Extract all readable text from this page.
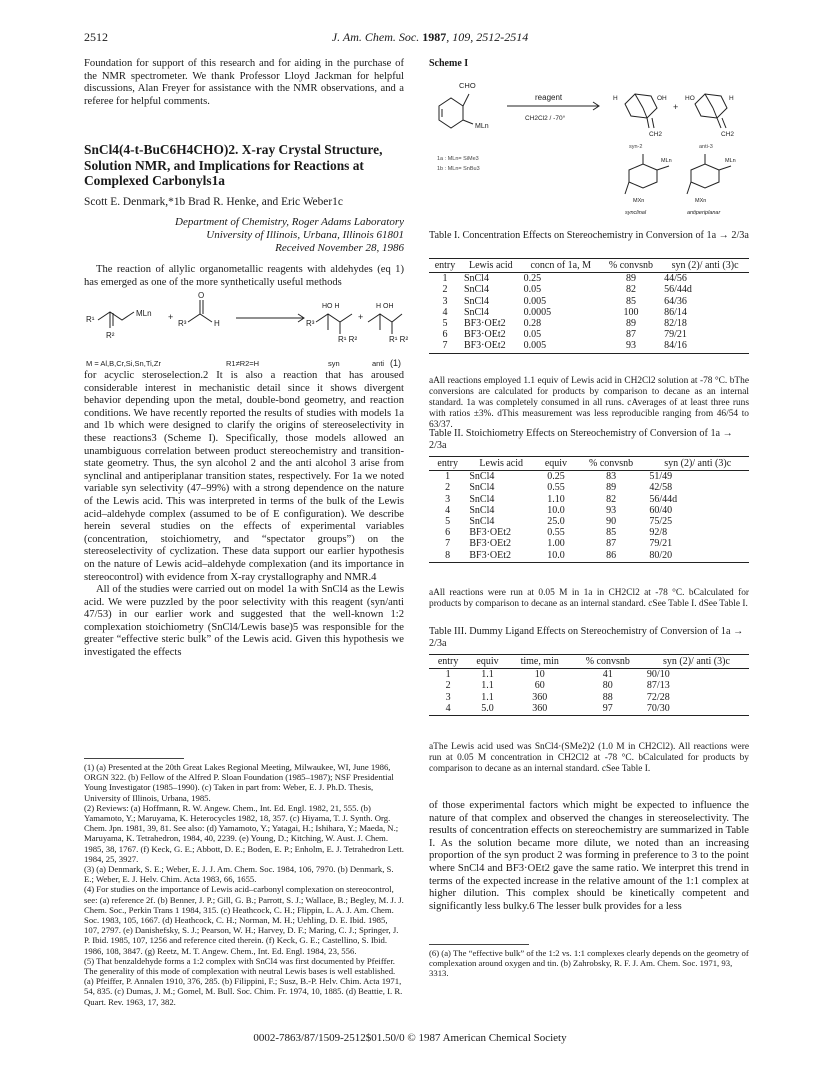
2512	J. Am. Chem. Soc. 1987, 109, 2512-2514

Foundation for support of this research and for aiding in the purchase of the NMR spectrometer. We thank Professor Lloyd Jackman for helpful discussions, Alan Freyer for assistance with the NMR observations, and a referee for helpful comments.

SnCl4(4-t-BuC6H4CHO)2. X-ray Crystal Structure, Solution NMR, and Implications for Reactions at Complexed Carbonyls1a
Scott E. Denmark,*1b Brad R. Henke, and Eric Weber1c
Department of Chemistry, Roger Adams Laboratory
University of Illinois, Urbana, Illinois 61801
Received November 28, 1986

The reaction of allylic organometallic reagents with aldehydes (eq 1) has emerged as one of the more synthetically useful methods

R¹
MLn
R²
+
R³
O
H
HO H
R³
R¹ R²
+
H OH
R¹ R²
M = Al,B,Cr,Si,Sn,Ti,Zr	R1≠R2=H	syn	anti (1)

for acyclic steroselection.2 It is also a reaction that has aroused considerable interest in mechanistic detail since it shows divergent behavior depending upon the metal, double-bond geometry, and reaction conditions. We have recently reported the results of studies with models 1a and 1b which were designed to clarify the origins of stereoselectivity in these reactions3 (Scheme I). Specifically, those models allowed an unambiguous correlation between product stereochemistry and transition-state geometry. Thus, the syn alcohol 2 and the anti alcohol 3 arise from synclinal and antiperiplanar transition states, respectively. For 1a we noted variable syn selectivity (47–99%) with a strong dependence on the nature of the Lewis acid. This was interpreted in terms of the bulk of the Lewis acid–aldehyde complex (assumed to be of E configuration). We describe herein several studies on the effects of experimental variables (concentration, stoichiometry, and “spectator groups”) on the stereoselectivity of cyclization. These data support our earlier hypothesis on the nature of Lewis acid–aldehyde complexation (and its importance in stereocontrol) with evidence from X-ray crystallography and NMR.4

All of the studies were carried out on model 1a with SnCl4 as the Lewis acid. We were puzzled by the poor selectivity with this reagent (syn/anti 47/53) in our earlier work and suggested that the well-known 1:2 complexation stoichiometry (SnCl4/Lewis base)5 was responsible for the greater “effective steric bulk” of the Lewis acid. Given this hypothesis we investigated the effects

(1) (a) Presented at the 20th Great Lakes Regional Meeting, Milwaukee, WI, June 1986, ORGN 322. (b) Fellow of the Alfred P. Sloan Foundation (1985–1987); NSF Presidential Young Investigator (1985–1990). (c) Taken in part from: Weber, E. J. Ph.D. Thesis, University of Illinois, Urbana, 1985.

(2) Reviews: (a) Hoffmann, R. W. Angew. Chem., Int. Ed. Engl. 1982, 21, 555. (b) Yamamoto, Y.; Maruyama, K. Heterocycles 1982, 18, 357. (c) Hiyama, T. J. Synth. Org. Chem. Jpn. 1981, 39, 81. See also: (d) Yamamoto, Y.; Yatagai, H.; Ishihara, Y.; Maeda, N.; Maruyama, K. Tetrahedron, 1984, 40, 2239. (e) Young, D.; Kitching, W. Aust. J. Chem. 1985, 38, 1767. (f) Keck, G. E.; Abbott, D. E.; Boden, E. P.; Enholm, E. J. Tetrahedron Lett. 1984, 25, 3927.

(3) (a) Denmark, S. E.; Weber, E. J. J. Am. Chem. Soc. 1984, 106, 7970. (b) Denmark, S. E.; Weber, E. J. Helv. Chim. Acta 1983, 66, 1655.

(4) For studies on the importance of Lewis acid–carbonyl complexation on stereocontrol, see: (a) reference 2f. (b) Benner, J. P.; Gill, G. B.; Parrott, S. J.; Wallace, B.; Begley, M. J. J. Chem. Soc., Perkin Trans 1 1984, 315. (c) Heathcock, C. H.; Flippin, L. A. J. Am. Chem. Soc. 1983, 105, 1667. (d) Heathcock, C. H.; Norman, M. H.; Uehling, D. E. Ibid. 1985, 107, 2797. (e) Danishefsky, S. J.; Pearson, W. H.; Harvey, D. F.; Maring, C. J.; Springer, J. P. Ibid. 1985, 107, 1256 and reference cited therein. (f) Keck, G. E.; Castellino, S. Ibid. 1986, 108, 3847. (g) Reetz, M. T. Angew. Chem., Int. Ed. Engl. 1984, 23, 556.

(5) That benzaldehyde forms a 1:2 complex with SnCl4 was first documented by Pfeiffer. The generality of this mode of complexation with neutral Lewis bases is well established. (a) Pfeiffer, P. Annalen 1910, 376, 285. (b) Filippini, F.; Susz, B.-P. Helv. Chim. Acta 1971, 54, 835. (c) Dumas, J. M.; Gomel, M. Bull. Soc. Chim. Fr. 1974, 10, 1885. (d) Beattie, I. R. Quart. Rev. 1963, 17, 382.

Scheme I
CHO
MLn
reagent
CH2Cl2 / -70°
H	OH
CH2
+
HO	H
CH2
syn-2	anti-3
1a : MLn= SiMe3
1b : MLn= SnBu3
MLn	MLn
MXn	MXn
synclinal	antiperiplanar
Table I. Concentration Effects on Stereochemistry in Conversion of 1a → 2/3a
entry	Lewis acid	concn of 1a, M	% convsnb	syn (2)/ anti (3)c
1	SnCl4	0.25	89	44/56
2	SnCl4	0.05	82	56/44d
3	SnCl4	0.005	85	64/36
4	SnCl4	0.0005	100	86/14
5	BF3·OEt2	0.28	89	82/18
6	BF3·OEt2	0.05	87	79/21
7	BF3·OEt2	0.005	93	84/16
aAll reactions employed 1.1 equiv of Lewis acid in CH2Cl2 solution at -78 °C. bThe conversions are calculated for products by comparison to decane as an internal standard. 1a was completely consumed in all runs. cAverages of at least three runs with ratios ±3%. dThis measurement was less reproducible ranging from 46/54 to 63/37.
Table II. Stoichiometry Effects on Stereochemistry of Conversion of 1a → 2/3a
entry	Lewis acid	equiv	% convsnb	syn (2)/ anti (3)c
1	SnCl4	0.25	83	51/49
2	SnCl4	0.55	89	42/58
3	SnCl4	1.10	82	56/44d
4	SnCl4	10.0	93	60/40
5	SnCl4	25.0	90	75/25
6	BF3·OEt2	0.55	85	92/8
7	BF3·OEt2	1.00	87	79/21
8	BF3·OEt2	10.0	86	80/20
aAll reactions were run at 0.05 M in 1a in CH2Cl2 at -78 °C. bCalculated for products by comparison to decane as an internal standard. cSee Table I. dSee Table I.
Table III. Dummy Ligand Effects on Stereochemistry of Conversion of 1a → 2/3a
entry	equiv	time, min	% convsnb	syn (2)/ anti (3)c
1	1.1	10	41	90/10
2	1.1	60	80	87/13
3	1.1	360	88	72/28
4	5.0	360	97	70/30
aThe Lewis acid used was SnCl4·(SMe2)2 (1.0 M in CH2Cl2). All reactions were run at 0.05 M concentration in CH2Cl2 at -78 °C. bCalculated for products by comparison to decane as an internal standard. cSee Table I.

of those experimental factors which might be expected to influence the nature of that complex and observed the changes in stereoselectivity. The results of concentration effects on stereochemistry are summarized in Table I. As the solution became more dilute, we noted than an increasing proportion of the syn product 2 was forming in preference to 3 to the point where SnCl4 and BF3·OEt2 gave the same ratio. We interpret this trend in terms of the expected increase in the relative amount of the 1:1 complex at higher dilution. This complex should be kinetically competent and significantly less bulky.6 The lesser bulk provides for a less

(6) (a) The “effective bulk” of the 1:2 vs. 1:1 complexes clearly depends on the geometry of complexation around oxygen and tin. (b) Zahrobsky, R. F. J. Am. Chem. Soc. 1971, 93, 3313.

0002-7863/87/1509-2512$01.50/0 © 1987 American Chemical Society
